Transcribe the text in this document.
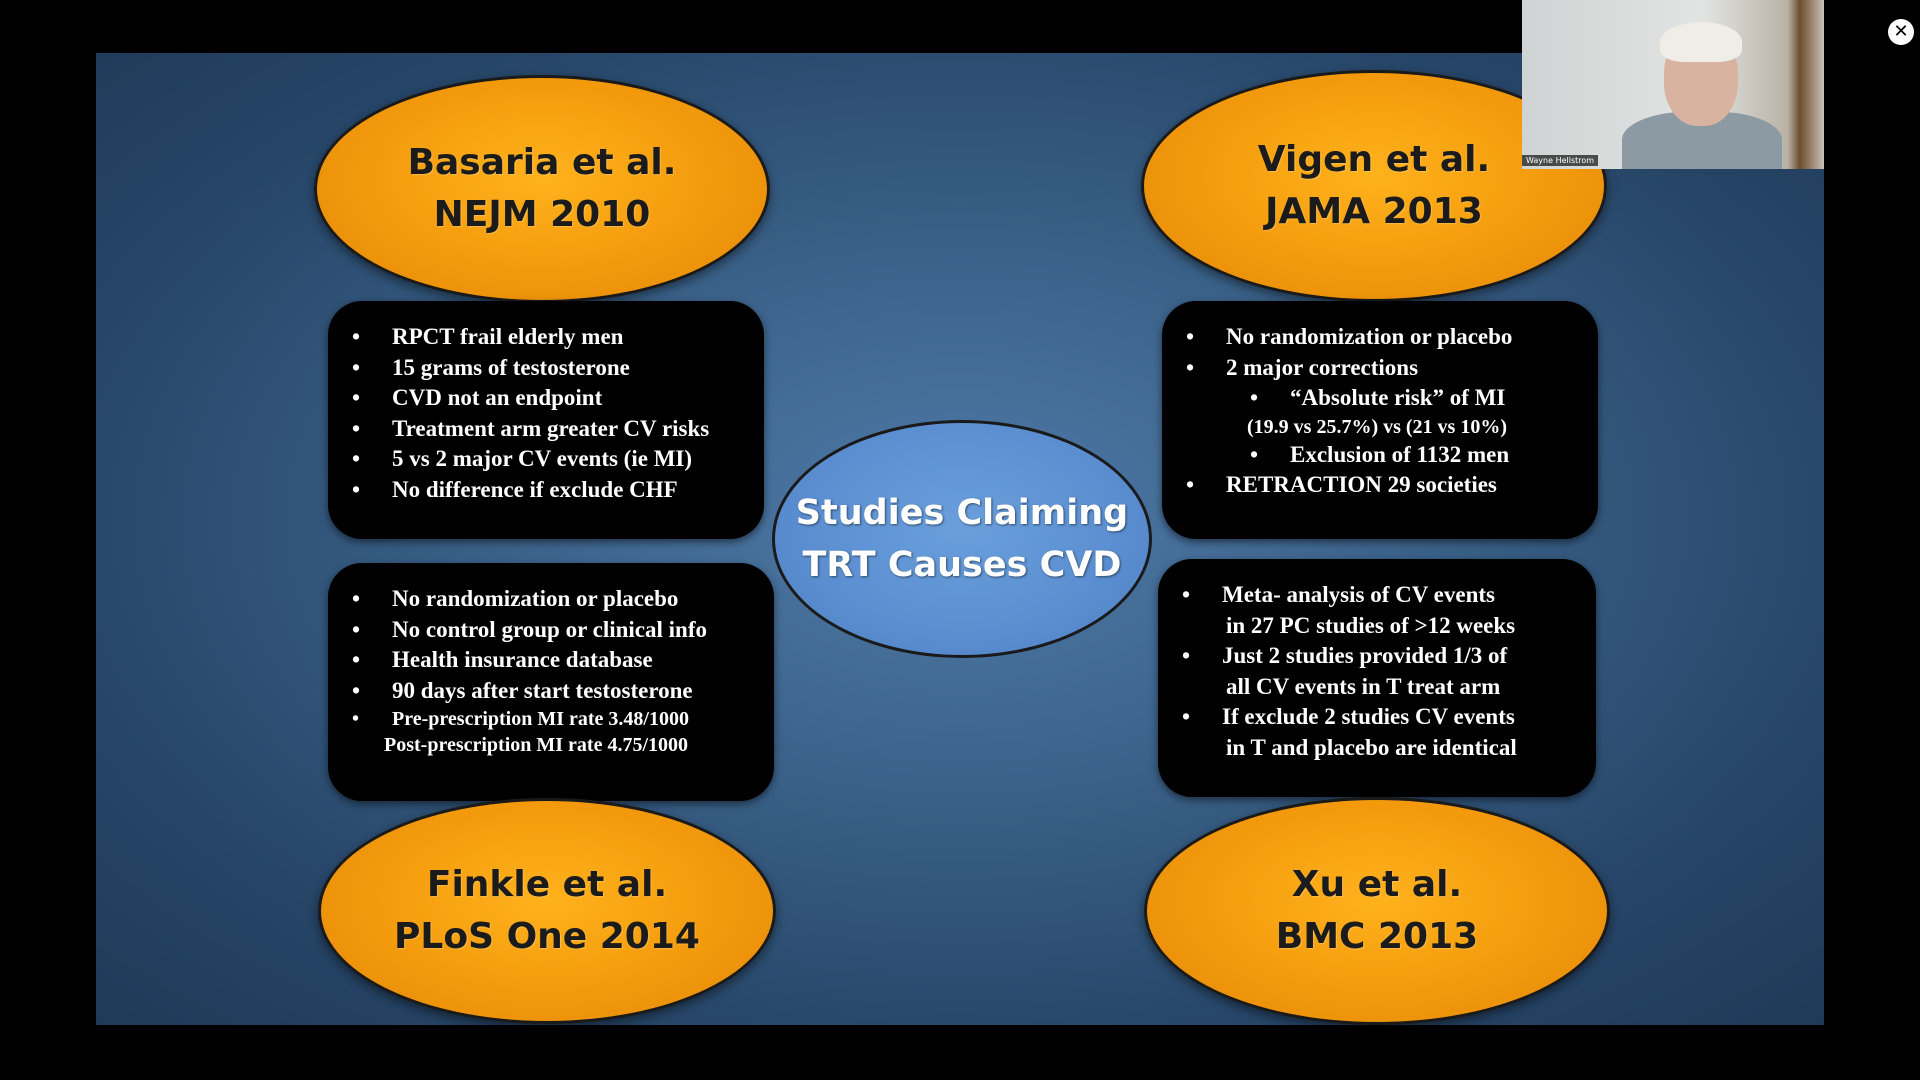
Basaria et al.
NEJM 2010
• RPCT frail elderly men
• 15 grams of testosterone
• CVD not an endpoint
• Treatment arm greater CV risks
• 5 vs 2 major CV events (ie MI)
• No difference if exclude CHF
Vigen et al.
JAMA 2013
• No randomization or placebo
• 2 major corrections
• “Absolute risk” of MI
(19.9 vs 25.7%) vs (21 vs 10%)
• Exclusion of 1132 men
• RETRACTION 29 societies
• No randomization or placebo
• No control group or clinical info
• Health insurance database
• 90 days after start testosterone
• Pre-prescription MI rate 3.48/1000
Post-prescription MI rate 4.75/1000
Finkle et al.
PLoS One 2014
• Meta- analysis of CV events
in 27 PC studies of >12 weeks
• Just 2 studies provided 1/3 of
all CV events in T treat arm
• If exclude 2 studies CV events
in T and placebo are identical
Xu et al.
BMC 2013
Studies Claiming
TRT Causes CVD
Wayne Hellstrom
✕
